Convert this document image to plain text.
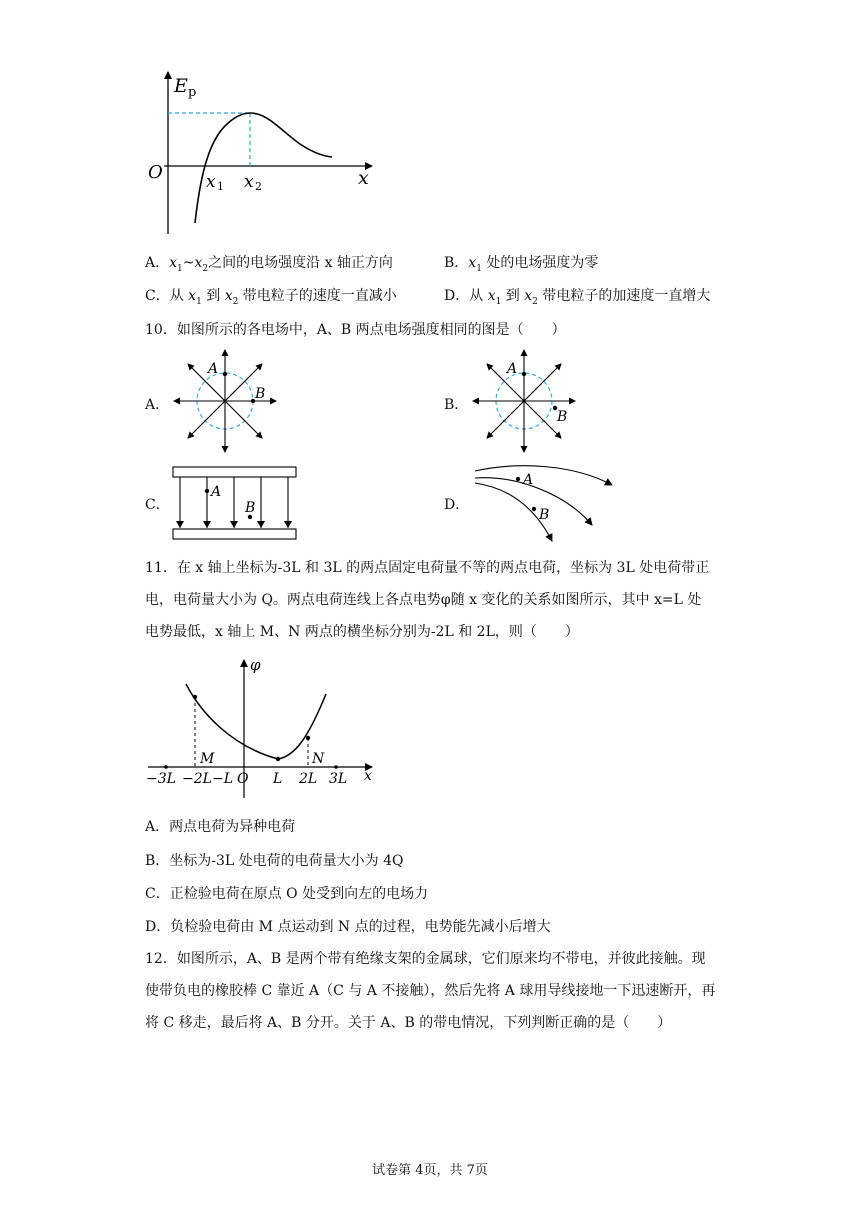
E p
O	x
x 1 x 2
A．$x_1\sim x_2$之间的电场强度沿 x 轴正方向	B．$x_1$ 处的电场强度为零
C．从 $x_1$ 到 $x_2$ 带电粒子的速度一直减小	D．从 $x_1$ 到 $x_2$ 带电粒子的加速度一直增大
10．如图所示的各电场中，A、B 两点电场强度相同的图是（　　）
A．	B．
C．	D．
A
B
A
B
A
B
A
B
11．在 x 轴上坐标为-3L 和 3L 的两点固定电荷量不等的两点电荷，坐标为 3L 处电荷带正电，电荷量大小为 Q。两点电荷连线上各点电势φ随 x 变化的关系如图所示，其中 x=L 处电势最低，x 轴上 M、N 两点的横坐标分别为-2L 和 2L，则（　　）
φ
x
M	N
−3L −2L −L O L 2L 3L
A．两点电荷为异种电荷
B．坐标为-3L 处电荷的电荷量大小为 4Q
C．正检验电荷在原点 O 处受到向左的电场力
D．负检验电荷由 M 点运动到 N 点的过程，电势能先减小后增大
12．如图所示，A、B 是两个带有绝缘支架的金属球，它们原来均不带电，并彼此接触。现使带负电的橡胶棒 C 靠近 A（C 与 A 不接触），然后先将 A 球用导线接地一下迅速断开，再将 C 移走，最后将 A、B 分开。关于 A、B 的带电情况，下列判断正确的是（　　）
试卷第 4页，共 7页
